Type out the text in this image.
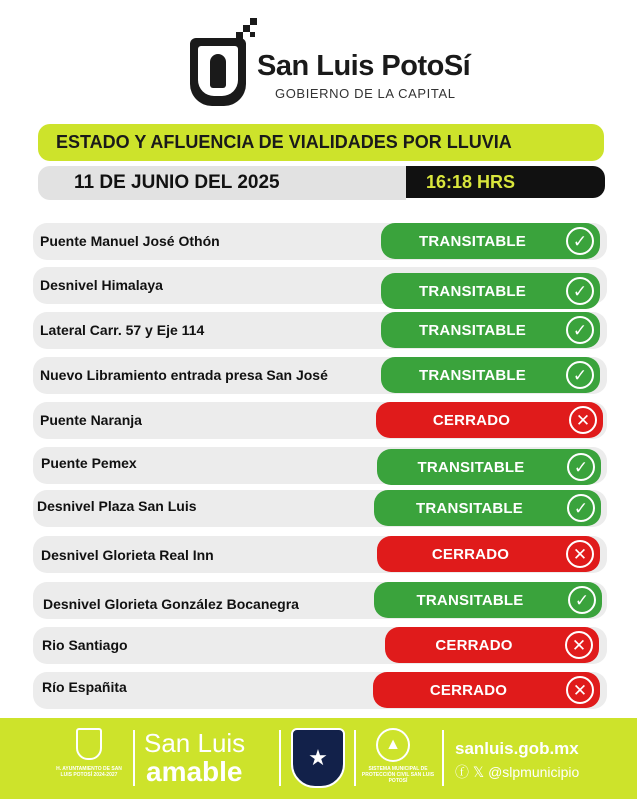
San Luis PotoSí
GOBIERNO DE LA CAPITAL
ESTADO Y AFLUENCIA DE VIALIDADES POR LLUVIA
11 DE JUNIO DEL 2025	16:18 HRS
Puente Manuel José Othón	TRANSITABLE	✓
Desnivel Himalaya	TRANSITABLE	✓
Lateral Carr. 57 y Eje 114	TRANSITABLE	✓
Nuevo Libramiento entrada presa San José	TRANSITABLE	✓
Puente Naranja	CERRADO	✕
Puente Pemex	TRANSITABLE	✓
Desnivel Plaza San Luis	TRANSITABLE	✓
Desnivel Glorieta Real Inn	CERRADO	✕
Desnivel Glorieta González Bocanegra	TRANSITABLE	✓
Rio Santiago	CERRADO	✕
Río Españita	CERRADO	✕
H. AYUNTAMIENTO DE SAN LUIS POTOSÍ 2024-2027
San Luis
amable	★
▲
SISTEMA MUNICIPAL DE PROTECCIÓN CIVIL SAN LUIS POTOSÍ
sanluis.gob.mx
ⓕ 𝕏 @slpmunicipio
